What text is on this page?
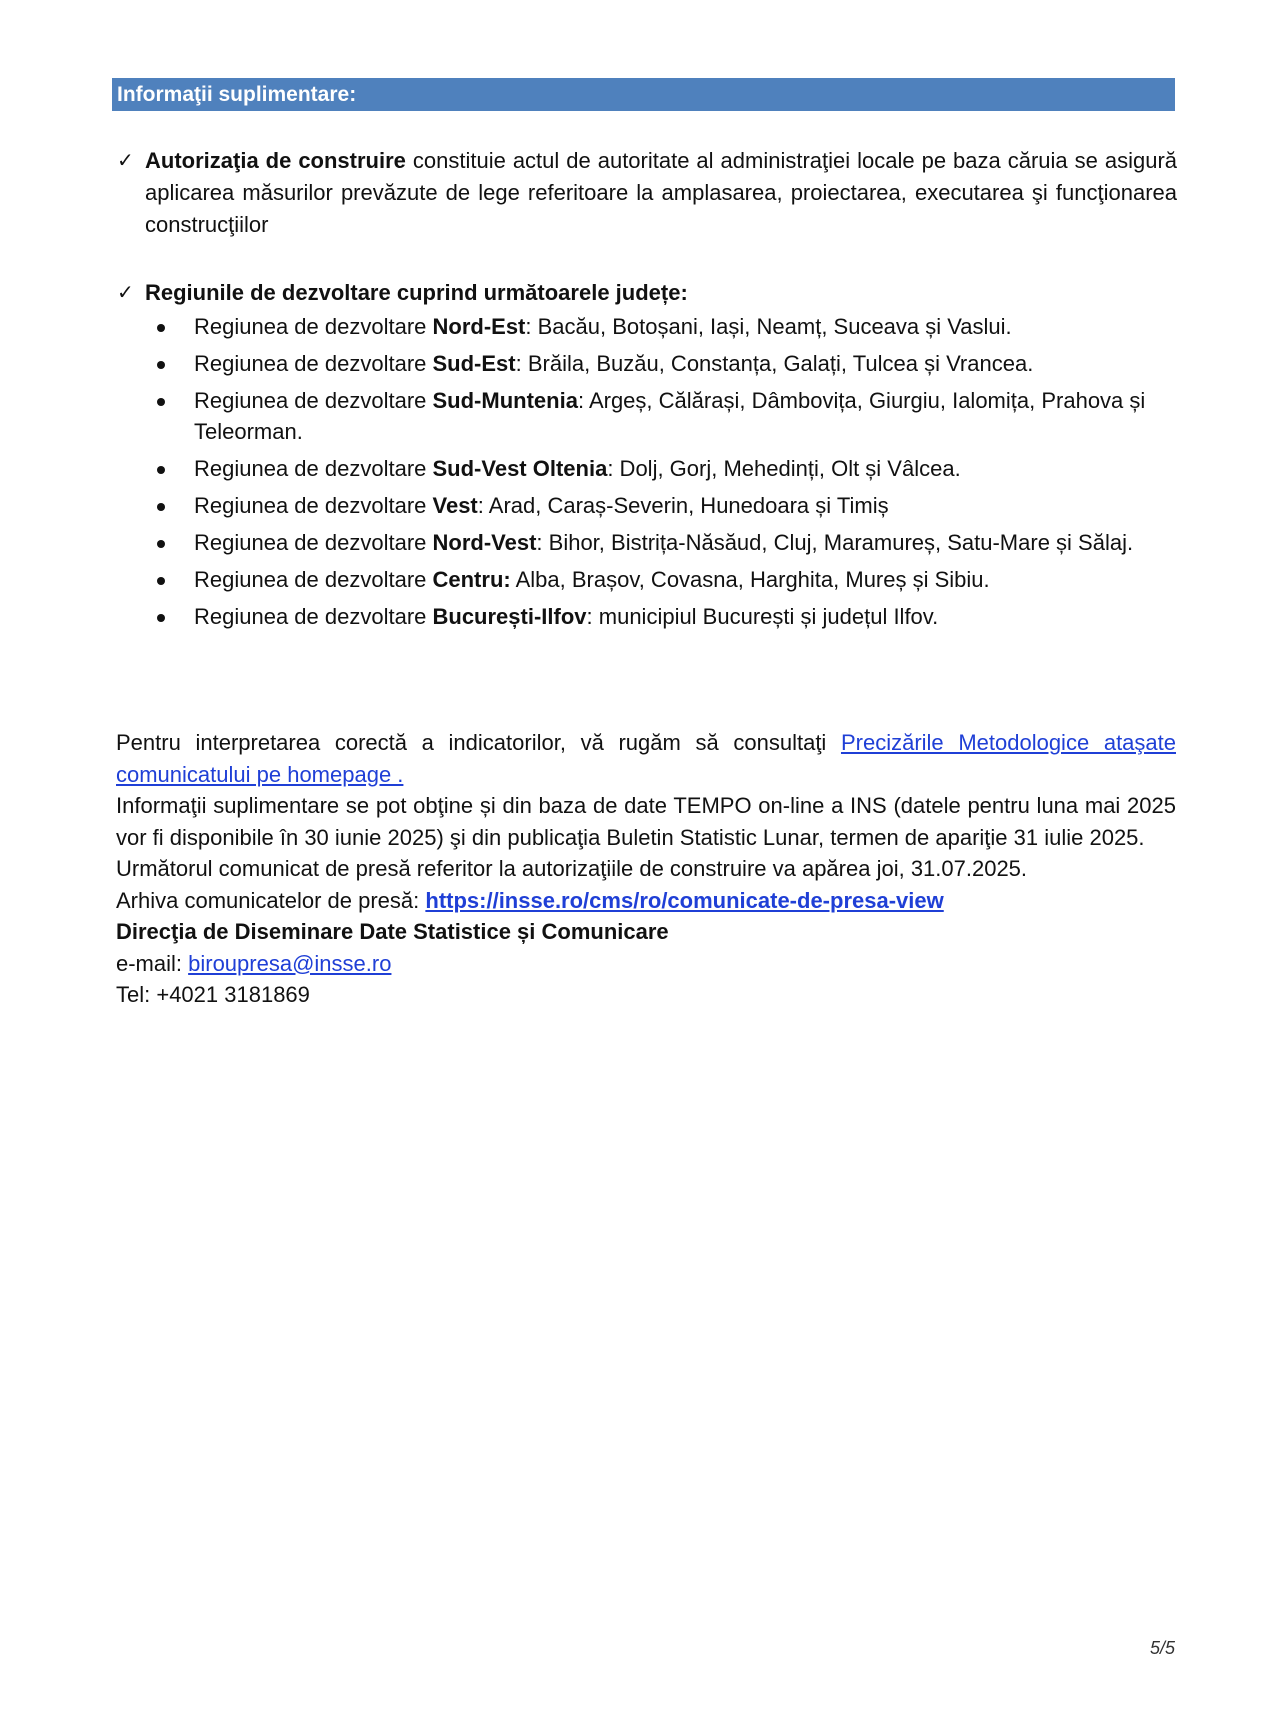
Informaţii suplimentare:
✓ Autorizaţia de construire constituie actul de autoritate al administraţiei locale pe baza căruia se asigură aplicarea măsurilor prevăzute de lege referitoare la amplasarea, proiectarea, executarea şi funcţionarea construcţiilor
✓ Regiunile de dezvoltare cuprind următoarele județe:
Regiunea de dezvoltare Nord-Est: Bacău, Botoșani, Iași, Neamț, Suceava și Vaslui.
Regiunea de dezvoltare Sud-Est: Brăila, Buzău, Constanța, Galați, Tulcea și Vrancea.
Regiunea de dezvoltare Sud-Muntenia: Argeș, Călărași, Dâmbovița, Giurgiu, Ialomița, Prahova și Teleorman.
Regiunea de dezvoltare Sud-Vest Oltenia: Dolj, Gorj, Mehedinți, Olt și Vâlcea.
Regiunea de dezvoltare Vest: Arad, Caraș-Severin, Hunedoara și Timiș
Regiunea de dezvoltare Nord-Vest: Bihor, Bistrița-Năsăud, Cluj, Maramureș, Satu-Mare și Sălaj.
Regiunea de dezvoltare Centru: Alba, Brașov, Covasna, Harghita, Mureș și Sibiu.
Regiunea de dezvoltare București-Ilfov: municipiul București și județul Ilfov.

Pentru interpretarea corectă a indicatorilor, vă rugăm să consultaţi Precizările Metodologice ataşate comunicatului pe homepage .

Informaţii suplimentare se pot obţine și din baza de date TEMPO on-line a INS (datele pentru luna mai 2025 vor fi disponibile în 30 iunie 2025) şi din publicaţia Buletin Statistic Lunar, termen de apariţie 31 iulie 2025.

Următorul comunicat de presă referitor la autorizaţiile de construire va apărea joi, 31.07.2025.

Arhiva comunicatelor de presă: https://insse.ro/cms/ro/comunicate-de-presa-view

Direcţia de Diseminare Date Statistice și Comunicare

e-mail: biroupresa@insse.ro

Tel: +4021 3181869

5/5
